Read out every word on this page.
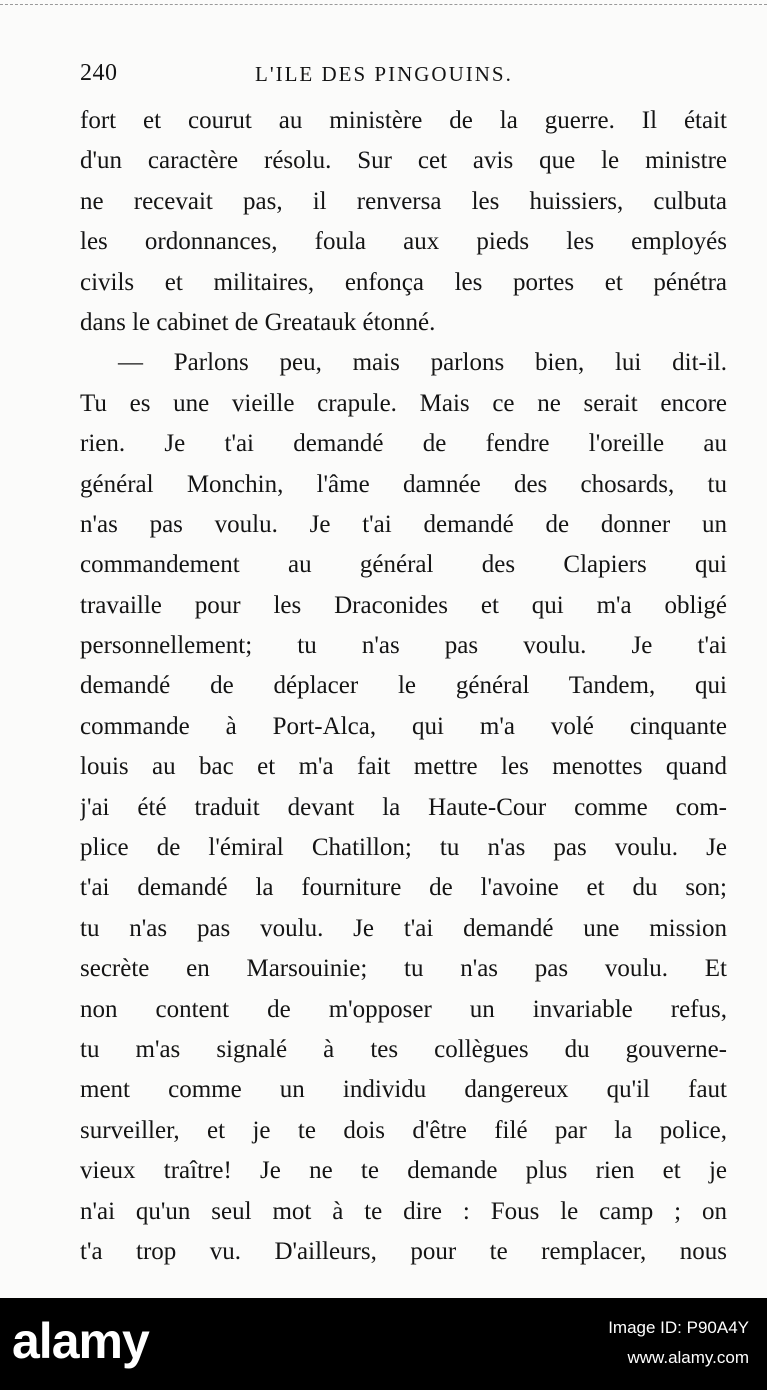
240	L'ILE DES PINGOUINS.
fort et courut au ministère de la guerre. Il était
d'un caractère résolu. Sur cet avis que le ministre
ne recevait pas, il renversa les huissiers, culbuta
les ordonnances, foula aux pieds les employés
civils et militaires, enfonça les portes et pénétra
dans le cabinet de Greatauk étonné.
— Parlons peu, mais parlons bien, lui dit-il.
Tu es une vieille crapule. Mais ce ne serait encore
rien. Je t'ai demandé de fendre l'oreille au
général Monchin, l'âme damnée des chosards, tu
n'as pas voulu. Je t'ai demandé de donner un
commandement au général des Clapiers qui
travaille pour les Draconides et qui m'a obligé
personnellement; tu n'as pas voulu. Je t'ai
demandé de déplacer le général Tandem, qui
commande à Port-Alca, qui m'a volé cinquante
louis au bac et m'a fait mettre les menottes quand
j'ai été traduit devant la Haute-Cour comme com-
plice de l'émiral Chatillon; tu n'as pas voulu. Je
t'ai demandé la fourniture de l'avoine et du son;
tu n'as pas voulu. Je t'ai demandé une mission
secrète en Marsouinie; tu n'as pas voulu. Et
non content de m'opposer un invariable refus,
tu m'as signalé à tes collègues du gouverne-
ment comme un individu dangereux qu'il faut
surveiller, et je te dois d'être filé par la police,
vieux traître! Je ne te demande plus rien et je
n'ai qu'un seul mot à te dire : Fous le camp ; on
t'a trop vu. D'ailleurs, pour te remplacer, nous
alamy	Image ID: P90A4Y
www.alamy.com
